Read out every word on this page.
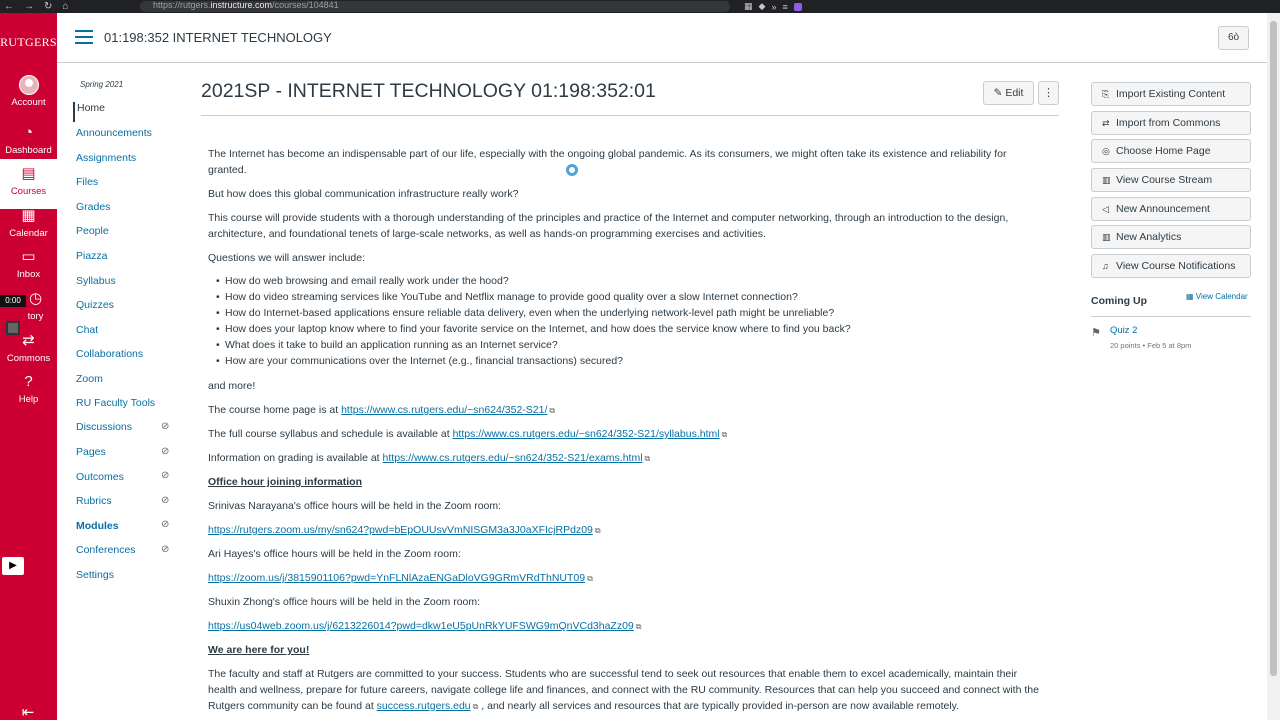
← → ↻ ⌂	https://rutgers.instructure.com/courses/104841	▦ ◆ » ≡
RUTGERS
Account
◔
Dashboard
▤
Courses
▦
Calendar
▭
Inbox
◷
tory
⇄
Commons
?
Help
0:00
▶
⇤
01:198:352 INTERNET TECHNOLOGY	6ò
Spring 2021
Home
Announcements
Assignments
Files
Grades
People
Piazza
Syllabus
Quizzes
Chat
Collaborations
Zoom
RU Faculty Tools
Discussions
Pages
Outcomes
Rubrics
Modules
Conferences
Settings
⊘
⊘
⊘
⊘
⊘
⊘
2021SP - INTERNET TECHNOLOGY 01:198:352:01	✎ Edit	⋮
The Internet has become an indispensable part of our life, especially with the ongoing global pandemic. As its consumers, we might often take its existence and reliability for granted.
But how does this global communication infrastructure really work?
This course will provide students with a thorough understanding of the principles and practice of the Internet and computer networking, through an introduction to the design, architecture, and foundational tenets of large-scale networks, as well as hands-on programming exercises and activities.
Questions we will answer include:
• How do web browsing and email really work under the hood?
• How do video streaming services like YouTube and Netflix manage to provide good quality over a slow Internet connection?
• How do Internet-based applications ensure reliable data delivery, even when the underlying network-level path might be unreliable?
• How does your laptop know where to find your favorite service on the Internet, and how does the service know where to find you back?
• What does it take to build an application running as an Internet service?
• How are your communications over the Internet (e.g., financial transactions) secured?
and more!
The course home page is at https://www.cs.rutgers.edu/~sn624/352-S21/ ⧉
The full course syllabus and schedule is available at https://www.cs.rutgers.edu/~sn624/352-S21/syllabus.html ⧉
Information on grading is available at https://www.cs.rutgers.edu/~sn624/352-S21/exams.html ⧉
Office hour joining information
Srinivas Narayana's office hours will be held in the Zoom room:
https://rutgers.zoom.us/my/sn624?pwd=bEpOUUsvVmNISGM3a3J0aXFIcjRPdz09 ⧉
Ari Hayes's office hours will be held in the Zoom room:
https://zoom.us/j/3815901106?pwd=YnFLNlAzaENGaDloVG9GRmVRdThNUT09 ⧉
Shuxin Zhong's office hours will be held in the Zoom room:
https://us04web.zoom.us/j/6213226014?pwd=dkw1eU5pUnRkYUFSWG9mQnVCd3haZz09 ⧉
We are here for you!
The faculty and staff at Rutgers are committed to your success. Students who are successful tend to seek out resources that enable them to excel academically, maintain their health and wellness, prepare for future careers, navigate college life and finances, and connect with the RU community. Resources that can help you succeed and connect with the Rutgers community can be found at success.rutgers.edu ⧉ , and nearly all services and resources that are typically provided in-person are now available remotely.
⎘ Import Existing Content
⇄ Import from Commons
◎ Choose Home Page
▥ View Course Stream
◁ New Announcement
▥ New Analytics
♫ View Course Notifications
Coming Up	▦ View Calendar
⚑ Quiz 2
20 points • Feb 5 at 8pm
